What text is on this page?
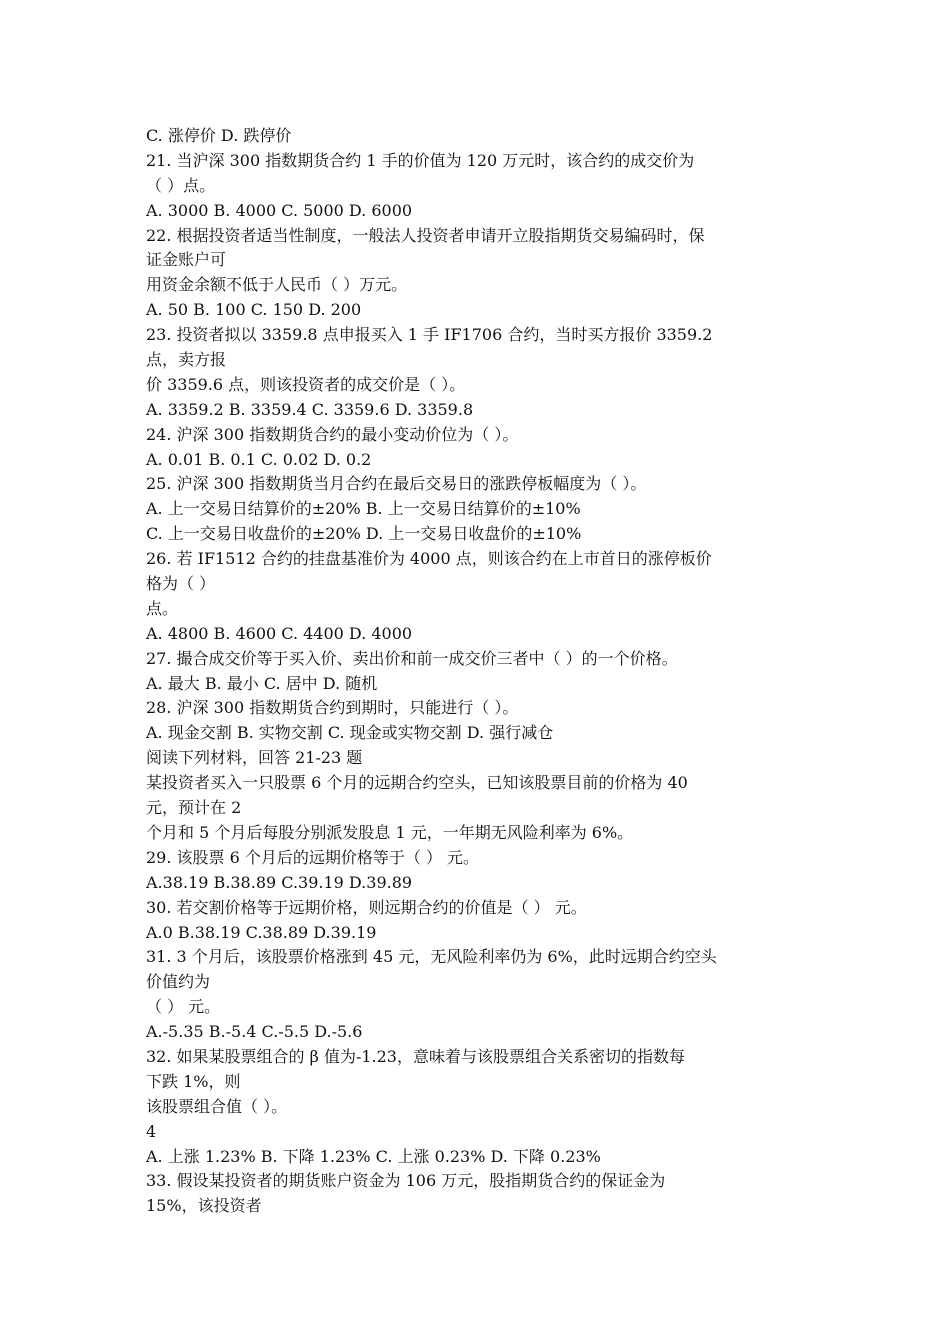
C. 涨停价 D. 跌停价
21. 当沪深 300 指数期货合约 1 手的价值为 120 万元时，该合约的成交价为
（ ）点。
A. 3000 B. 4000 C. 5000 D. 6000
22. 根据投资者适当性制度，一般法人投资者申请开立股指期货交易编码时，保
证金账户可
用资金余额不低于人民币（ ）万元。
A. 50 B. 100 C. 150 D. 200
23. 投资者拟以 3359.8 点申报买入 1 手 IF1706 合约，当时买方报价 3359.2
点，卖方报
价 3359.6 点，则该投资者的成交价是（ ）。
A. 3359.2 B. 3359.4 C. 3359.6 D. 3359.8
24. 沪深 300 指数期货合约的最小变动价位为（ ）。
A. 0.01 B. 0.1 C. 0.02 D. 0.2
25. 沪深 300 指数期货当月合约在最后交易日的涨跌停板幅度为（ ）。
A. 上一交易日结算价的±20% B. 上一交易日结算价的±10%
C. 上一交易日收盘价的±20% D. 上一交易日收盘价的±10%
26. 若 IF1512 合约的挂盘基准价为 4000 点，则该合约在上市首日的涨停板价
格为（ ）
点。
A. 4800 B. 4600 C. 4400 D. 4000
27. 撮合成交价等于买入价、卖出价和前一成交价三者中（ ）的一个价格。
A. 最大 B. 最小 C. 居中 D. 随机
28. 沪深 300 指数期货合约到期时，只能进行（ ）。
A. 现金交割 B. 实物交割 C. 现金或实物交割 D. 强行减仓
阅读下列材料，回答 21-23 题
某投资者买入一只股票 6 个月的远期合约空头，已知该股票目前的价格为 40
元，预计在 2
个月和 5 个月后每股分别派发股息 1 元，一年期无风险利率为 6%。
29. 该股票 6 个月后的远期价格等于（ ） 元。
A.38.19 B.38.89 C.39.19 D.39.89
30. 若交割价格等于远期价格，则远期合约的价值是（ ） 元。
A.0 B.38.19 C.38.89 D.39.19
31. 3 个月后，该股票价格涨到 45 元，无风险利率仍为 6%，此时远期合约空头
价值约为
（ ） 元。
A.-5.35 B.-5.4 C.-5.5 D.-5.6
32. 如果某股票组合的 β 值为-1.23，意味着与该股票组合关系密切的指数每
下跌 1%，则
该股票组合值（ ）。
4
A. 上涨 1.23% B. 下降 1.23% C. 上涨 0.23% D. 下降 0.23%
33. 假设某投资者的期货账户资金为 106 万元，股指期货合约的保证金为
15%，该投资者
